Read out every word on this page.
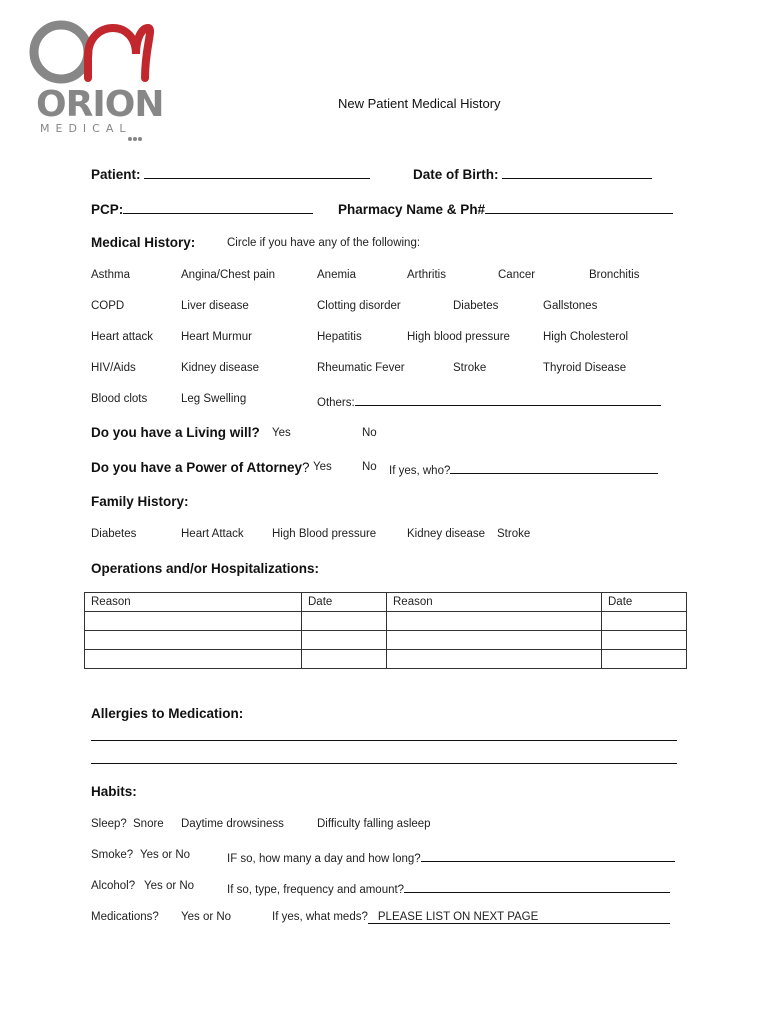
ORION
MEDICAL
New Patient Medical History
Patient:	Date of Birth:
PCP:	Pharmacy Name & Ph#
Medical History:	Circle if you have any of the following:
Asthma	Angina/Chest pain	Anemia	Arthritis	Cancer	Bronchitis
COPD	Liver disease	Clotting disorder	Diabetes	Gallstones
Heart attack Heart Murmur	Hepatitis	High blood pressure	High Cholesterol
HIV/Aids	Kidney disease	Rheumatic Fever	Stroke	Thyroid Disease
Blood clots	Leg Swelling	Others:
Do you have a Living will? Yes	No
Do you have a Power of Attorney? Yes	No If yes, who?
Family History:
Diabetes	Heart Attack High Blood pressure	Kidney disease Stroke
Operations and/or Hospitalizations:
Reason	Date	Reason	Date

Allergies to Medication:
Habits:
Sleep? Snore Daytime drowsiness	Difficulty falling asleep
Smoke? Yes or No	IF so, how many a day and how long?
Alcohol? Yes or No	If so, type, frequency and amount?
Medications? Yes or No	If yes, what meds? PLEASE LIST ON NEXT PAGE
